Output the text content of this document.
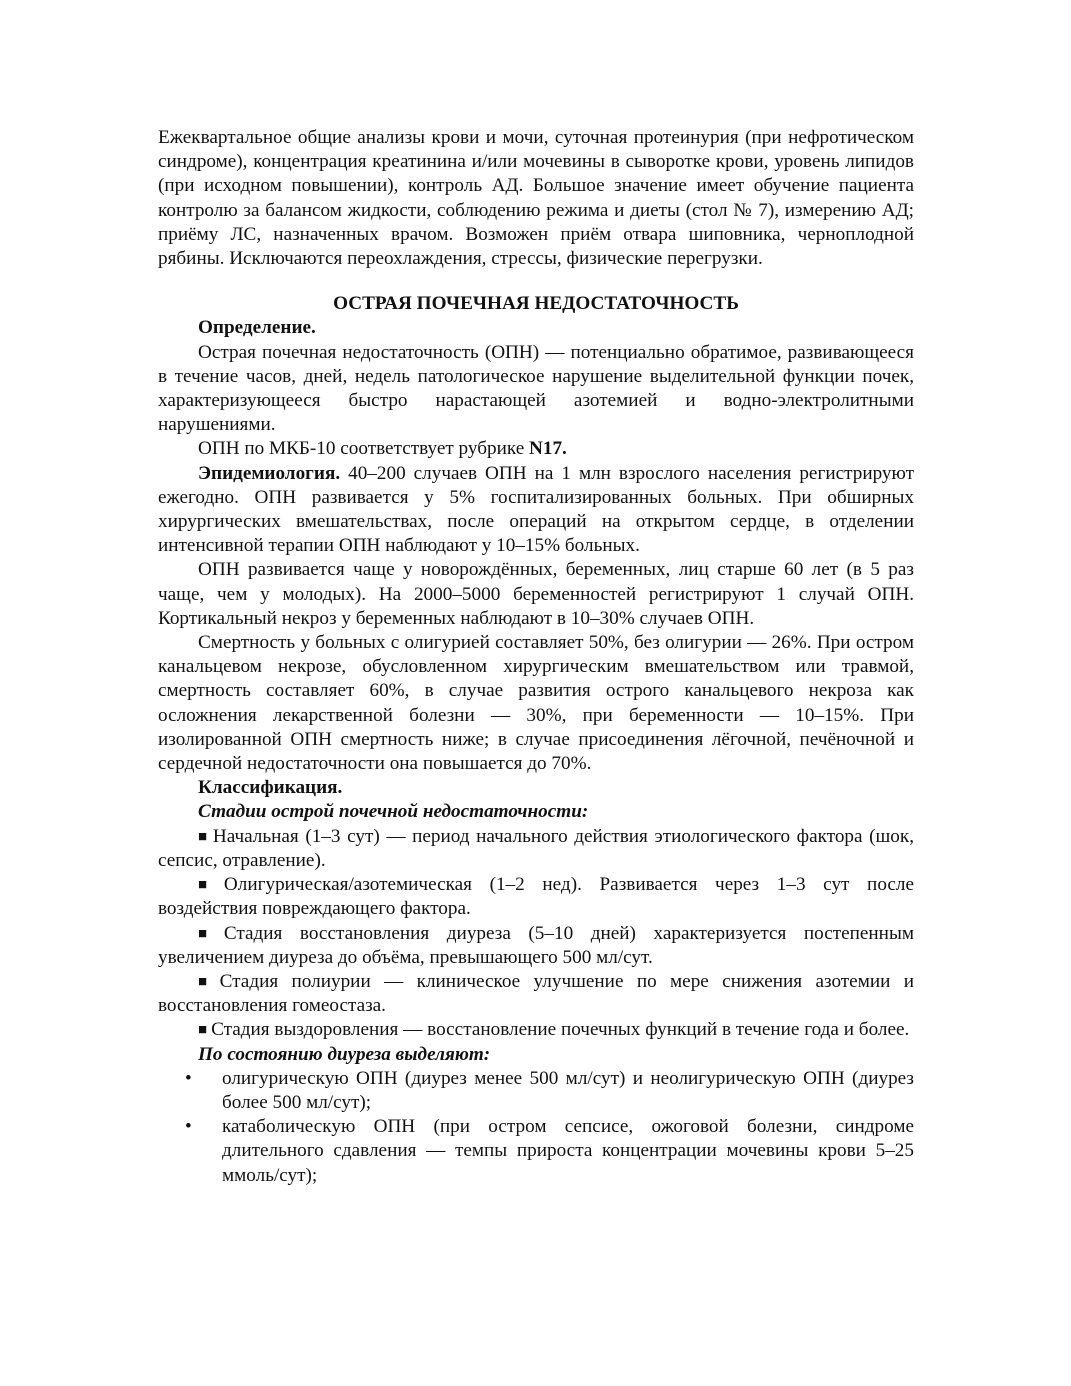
Ежеквартальное общие анализы крови и мочи, суточная протеинурия (при нефротическом синдроме), концентрация креатинина и/или мочевины в сыворотке крови, уровень липидов (при исходном повышении), контроль АД. Большое значение имеет обучение пациента контролю за балансом жидкости, соблюдению режима и диеты (стол № 7), измерению АД; приёму ЛС, назначенных врачом. Возможен приём отвара шиповника, черноплодной рябины. Исключаются переохлаждения, стрессы, физические перегрузки.

ОСТРАЯ ПОЧЕЧНАЯ НЕДОСТАТОЧНОСТЬ

Определение.

Острая почечная недостаточность (ОПН) — потенциально обратимое, развивающееся в течение часов, дней, недель патологическое нарушение выделительной функции почек, характеризующееся быстро нарастающей азотемией и водно-электролитными нарушениями.

ОПН по МКБ-10 соответствует рубрике N17.

Эпидемиология. 40–200 случаев ОПН на 1 млн взрослого населения регистрируют ежегодно. ОПН развивается у 5% госпитализированных больных. При обширных хирургических вмешательствах, после операций на открытом сердце, в отделении интенсивной терапии ОПН наблюдают у 10–15% больных.

ОПН развивается чаще у новорождённых, беременных, лиц старше 60 лет (в 5 раз чаще, чем у молодых). На 2000–5000 беременностей регистрируют 1 случай ОПН. Кортикальный некроз у беременных наблюдают в 10–30% случаев ОПН.

Смертность у больных с олигурией составляет 50%, без олигурии — 26%. При остром канальцевом некрозе, обусловленном хирургическим вмешательством или травмой, смертность составляет 60%, в случае развития острого канальцевого некроза как осложнения лекарственной болезни — 30%, при беременности — 10–15%. При изолированной ОПН смертность ниже; в случае присоединения лёгочной, печёночной и сердечной недостаточности она повышается до 70%.

Классификация.

Стадии острой почечной недостаточности:

■ Начальная (1–3 сут) — период начального действия этиологического фактора (шок, сепсис, отравление).

■ Олигурическая/азотемическая (1–2 нед). Развивается через 1–3 сут после воздействия повреждающего фактора.

■ Стадия восстановления диуреза (5–10 дней) характеризуется постепенным увеличением диуреза до объёма, превышающего 500 мл/сут.

■ Стадия полиурии — клиническое улучшение по мере снижения азотемии и восстановления гомеостаза.

■ Стадия выздоровления — восстановление почечных функций в течение года и более.

По состоянию диуреза выделяют:

• олигурическую ОПН (диурез менее 500 мл/сут) и неолигурическую ОПН (диурез более 500 мл/сут);
• катаболическую ОПН (при остром сепсисе, ожоговой болезни, синдроме длительного сдавления — темпы прироста концентрации мочевины крови 5–25 ммоль/сут);
